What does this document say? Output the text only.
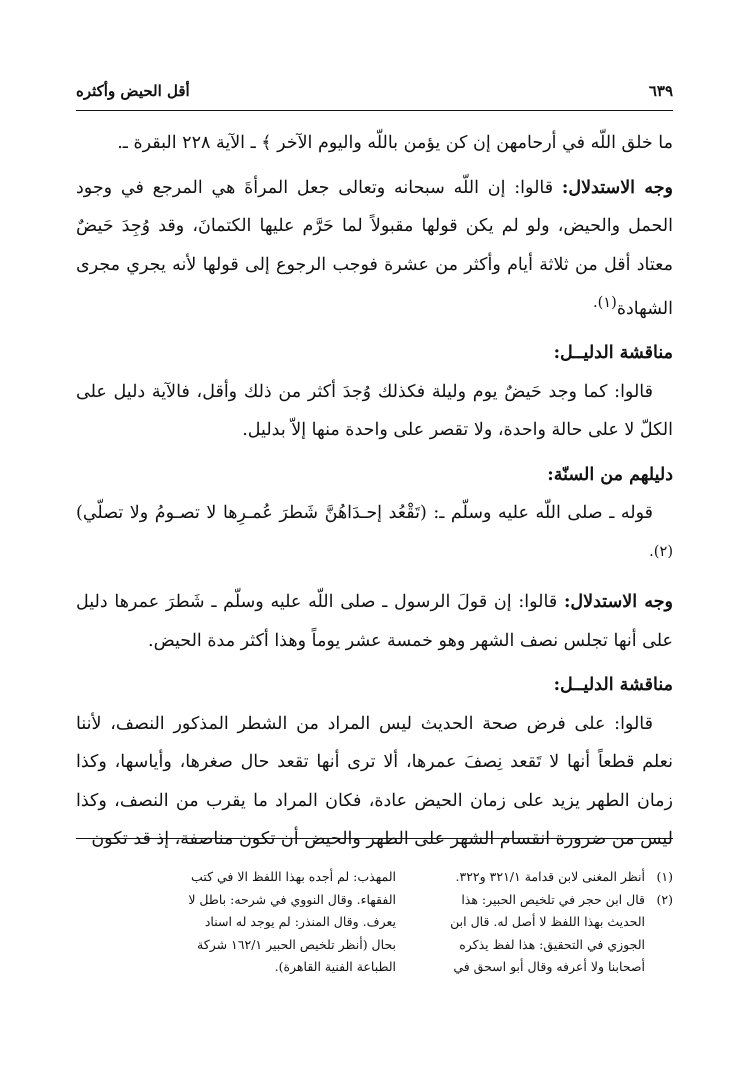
أقل الحيض وأكثره	٦٣٩

ما خلق اللّه في أرحامهن إن كن يؤمن باللّه واليوم الآخر ﴾ ـ الآية ٢٢٨ البقرة ـ.

وجه الاستدلال: قالوا: إن اللّه سبحانه وتعالى جعل المرأةَ هي المرجع في وجود الحمل والحيض، ولو لم يكن قولها مقبولاً لما حَرَّم عليها الكتمانَ، وقد وُجِدَ حَيضٌ معتاد أقل من ثلاثة أيام وأكثر من عشرة فوجب الرجوع إلى قولها لأنه يجري مجرى الشهادة$^{(١).}$

مناقشة الدليــل:

قالوا: كما وجد حَيضٌ يوم وليلة فكذلك وُجدَ أكثر من ذلك وأقل، فالآية دليل على الكلّ لا على حالة واحدة، ولا تقصر على واحدة منها إلاّ بدليل.

دليلهم من السنّة:

قوله ـ صلى اللّه عليه وسلّم ـ: (تَقْعُد إحـدَاهُنَّ شَطرَ عُمـرِها لا تصـومُ ولا تصلّي)$^{(٢).}$

وجه الاستدلال: قالوا: إن قولَ الرسول ـ صلى اللّه عليه وسلّم ـ شَطرَ عمرها دليل على أنها تجلس نصف الشهر وهو خمسة عشر يوماً وهذا أكثر مدة الحيض.

مناقشة الدليــل:

قالوا: على فرض صحة الحديث ليس المراد من الشطر المذكور النصف، لأننا نعلم قطعاً أنها لا تَقعد نِصفَ عمرها، ألا ترى أنها تقعد حال صغرها، وأياسها، وكذا زمان الطهر يزيد على زمان الحيض عادة، فكان المراد ما يقرب من النصف، وكذا ليس من ضرورة انقسام الشهر على الطهر والحيض أن تكون مناصفة، إذ قد تكون

(١)أنظر المغنى لابن قدامة ٣٢١/١ و٣٢٢.

(٢)قال ابن حجر في تلخيص الحبير: هذا

الحديث بهذا اللفظ لا أصل له. قال ابن

الجوزي في التحقيق: هذا لفظ يذكره

أصحابنا ولا أعرفه وقال أبو اسحق في

المهذب: لم أجده بهذا اللفظ الا في كتب

الفقهاء. وقال النووي في شرحه: باطل لا

يعرف. وقال المنذر: لم يوجد له اسناد

بحال (أنظر تلخيص الحبير ١٦٢/١ شركة

الطباعة الفنية القاهرة).
